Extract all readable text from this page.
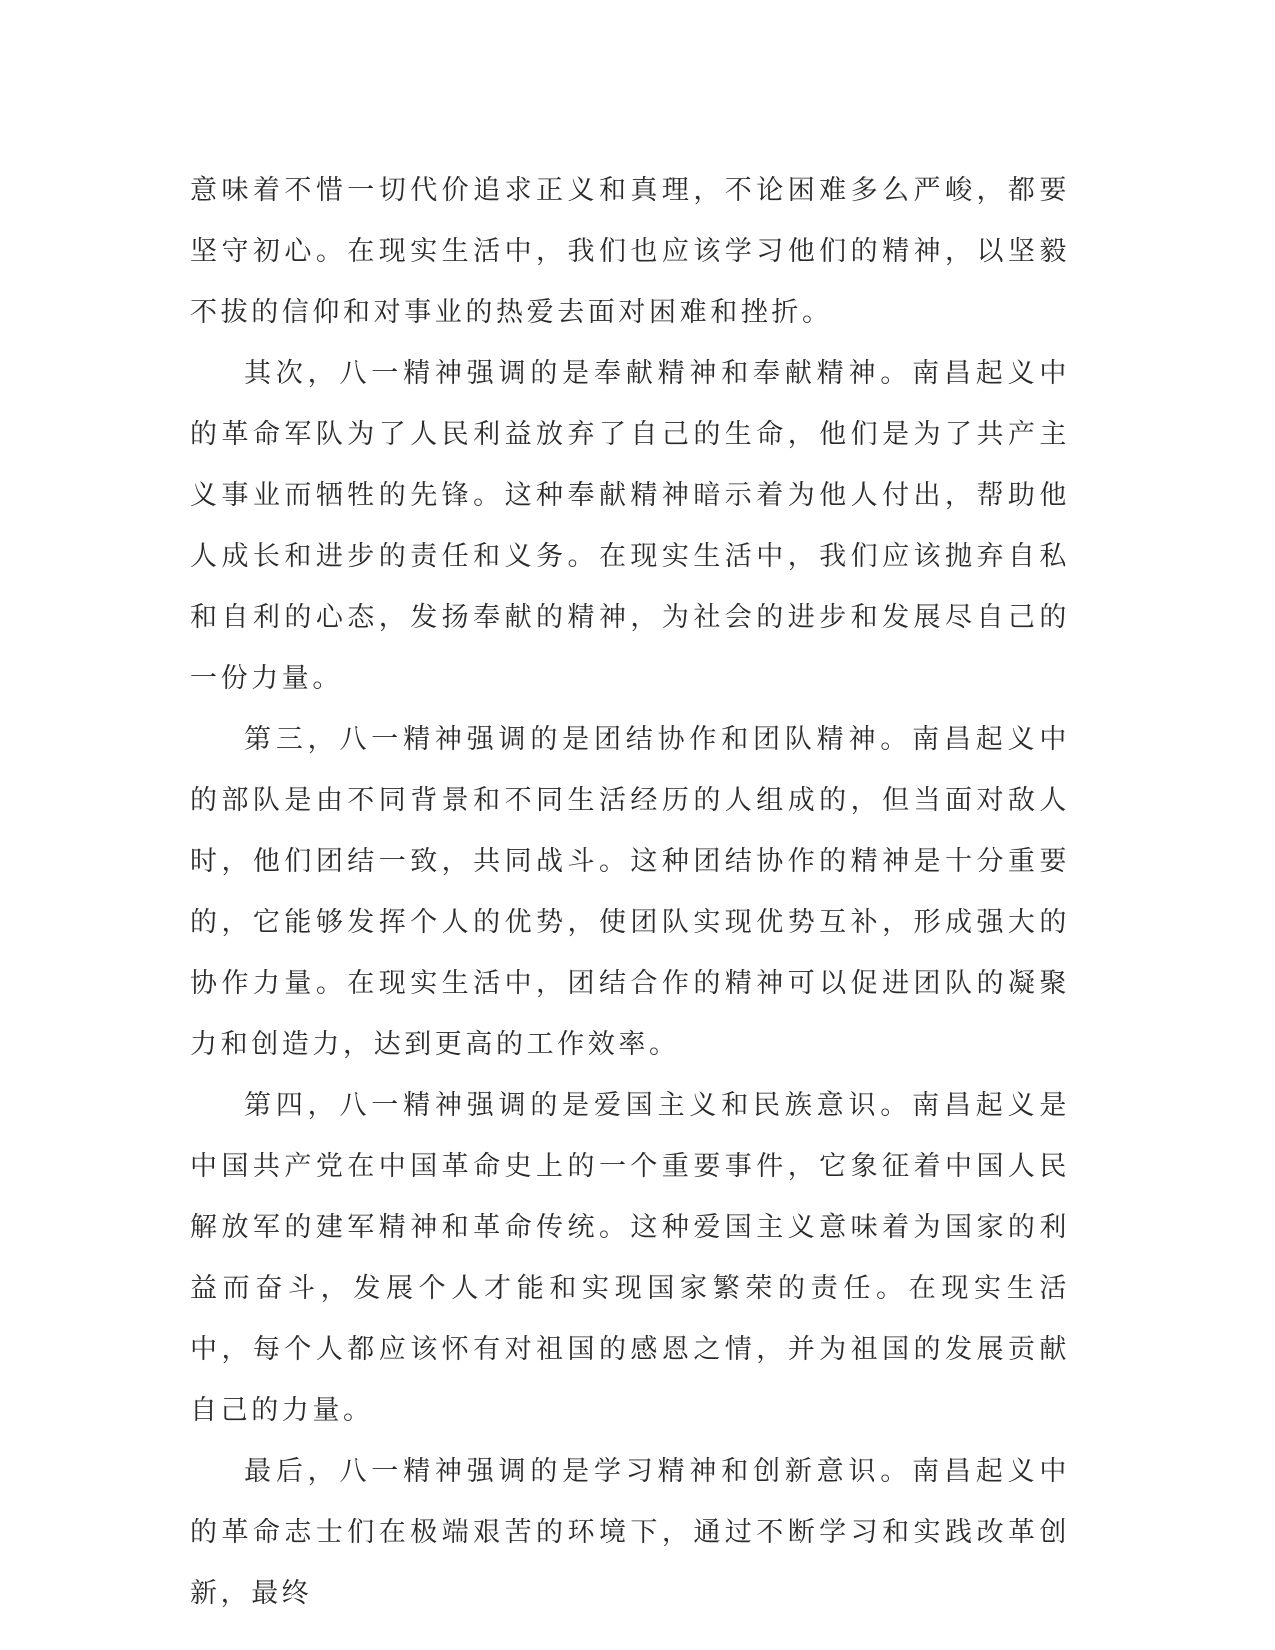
意味着不惜一切代价追求正义和真理，不论困难多么严峻，都要坚守初心。在现实生活中，我们也应该学习他们的精神，以坚毅不拔的信仰和对事业的热爱去面对困难和挫折。

其次，八一精神强调的是奉献精神和奉献精神。南昌起义中的革命军队为了人民利益放弃了自己的生命，他们是为了共产主义事业而牺牲的先锋。这种奉献精神暗示着为他人付出，帮助他人成长和进步的责任和义务。在现实生活中，我们应该抛弃自私和自利的心态，发扬奉献的精神，为社会的进步和发展尽自己的一份力量。

第三，八一精神强调的是团结协作和团队精神。南昌起义中的部队是由不同背景和不同生活经历的人组成的，但当面对敌人时，他们团结一致，共同战斗。这种团结协作的精神是十分重要的，它能够发挥个人的优势，使团队实现优势互补，形成强大的协作力量。在现实生活中，团结合作的精神可以促进团队的凝聚力和创造力，达到更高的工作效率。

第四，八一精神强调的是爱国主义和民族意识。南昌起义是中国共产党在中国革命史上的一个重要事件，它象征着中国人民解放军的建军精神和革命传统。这种爱国主义意味着为国家的利益而奋斗，发展个人才能和实现国家繁荣的责任。在现实生活中，每个人都应该怀有对祖国的感恩之情，并为祖国的发展贡献自己的力量。

最后，八一精神强调的是学习精神和创新意识。南昌起义中的革命志士们在极端艰苦的环境下，通过不断学习和实践改革创新，最终
